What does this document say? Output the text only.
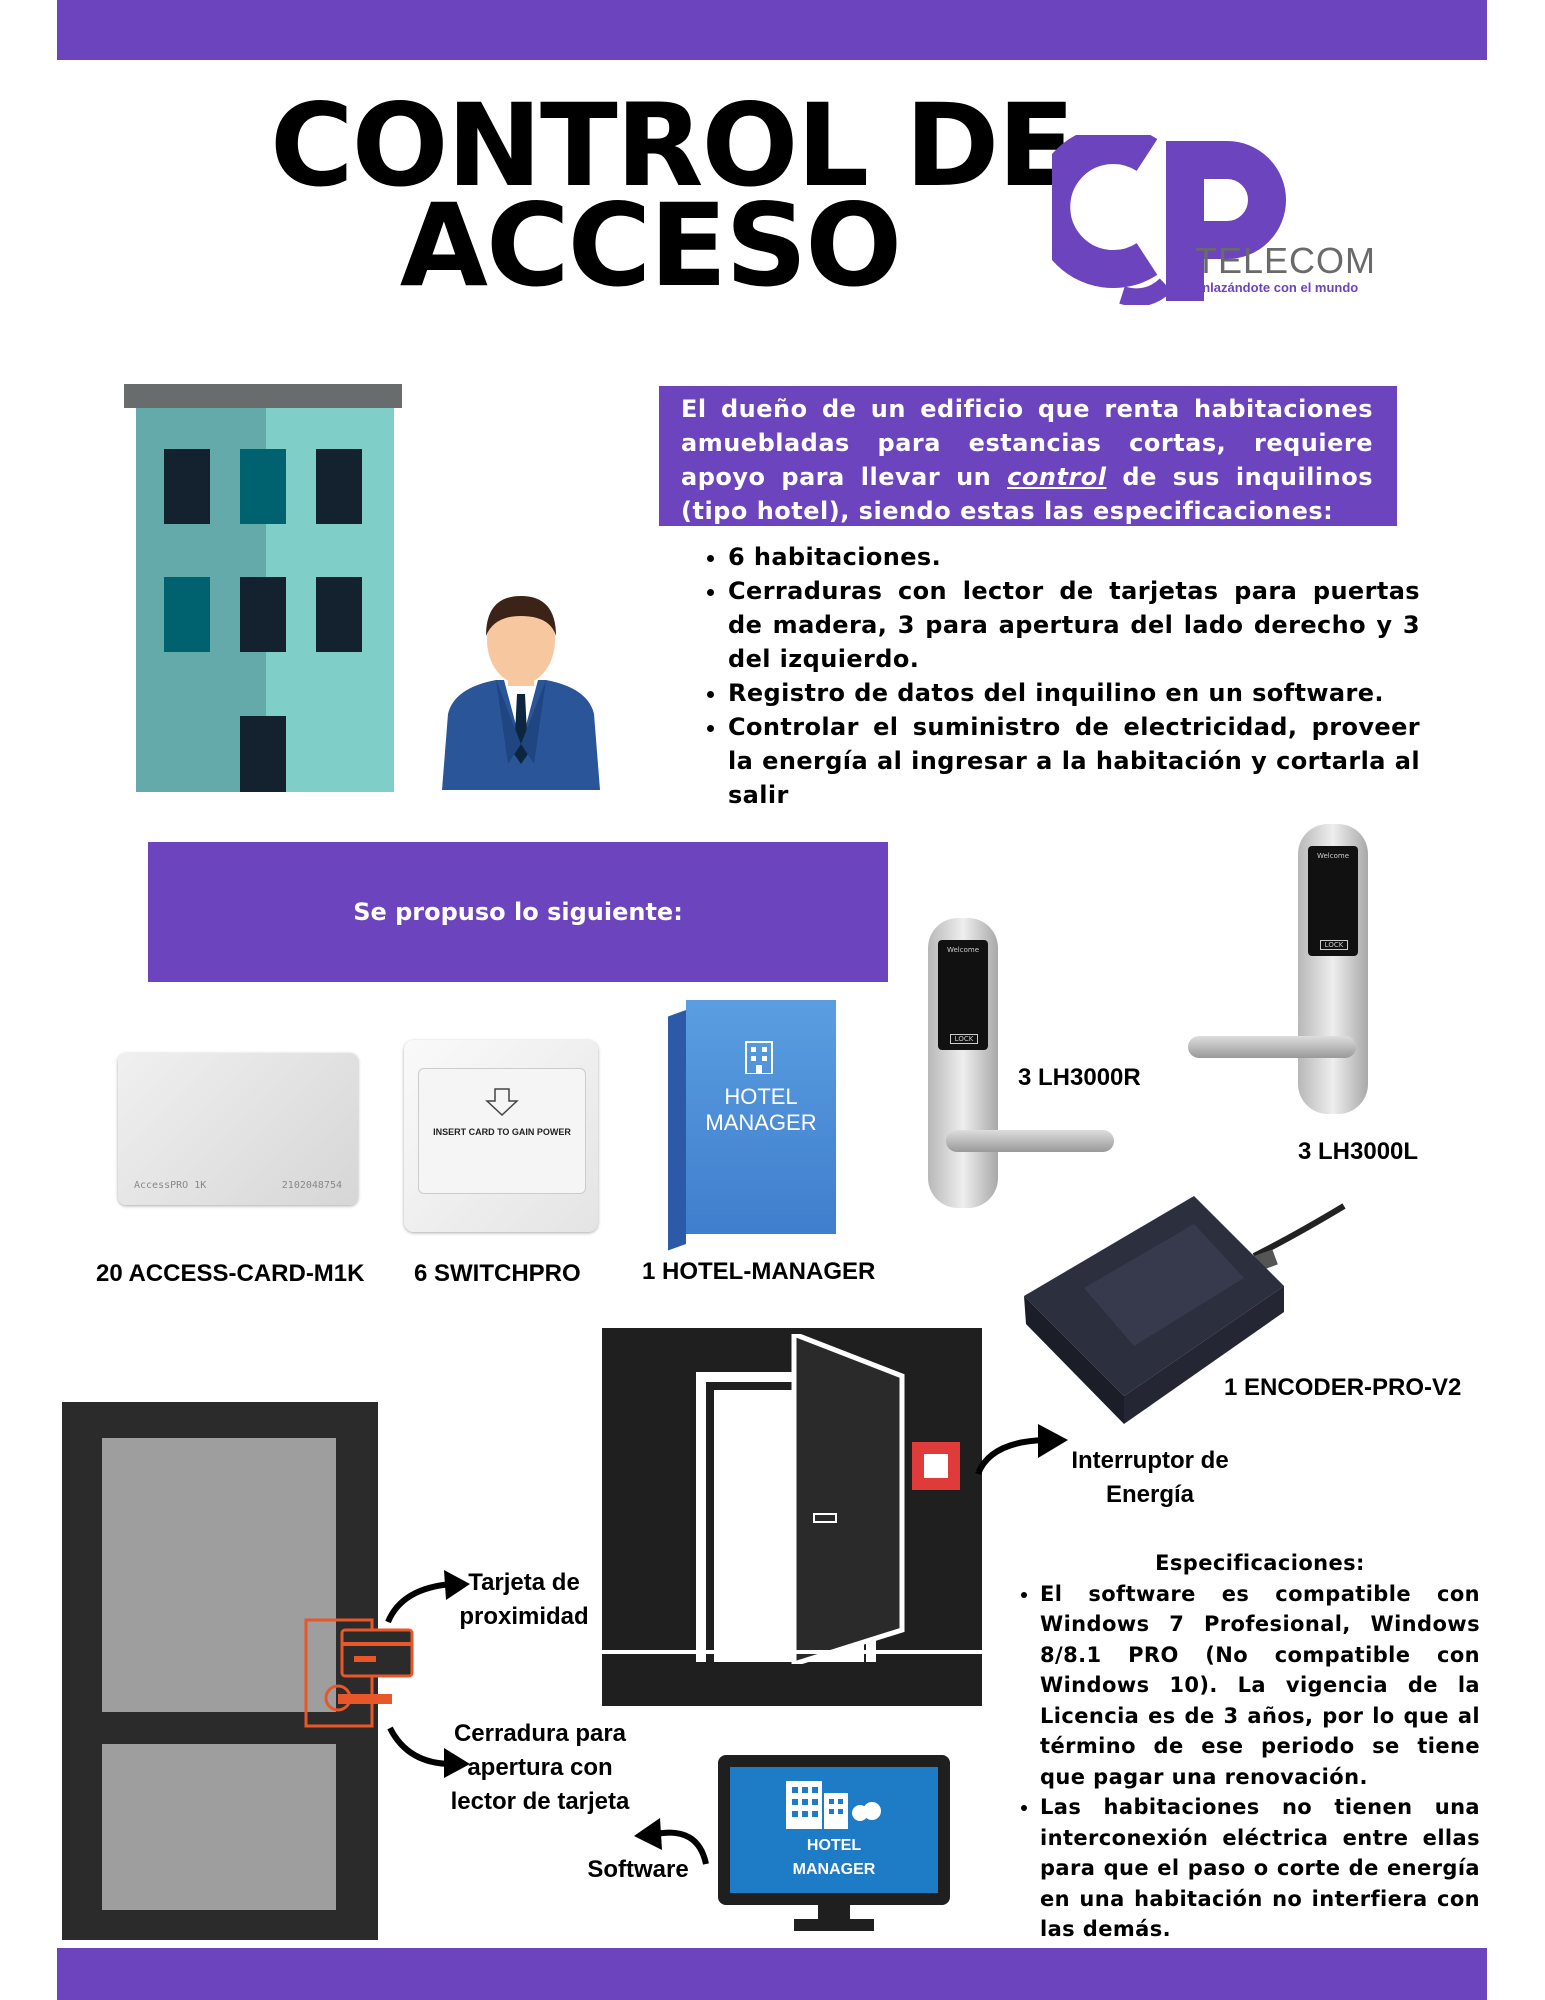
CONTROL DE
ACCESO	TELECOM
enlazándote con el mundo
El dueño de un edificio que renta habitaciones amuebladas para estancias cortas, requiere apoyo para llevar un control de sus inquilinos (tipo hotel), siendo estas las especificaciones:
• 6 habitaciones.
• Cerraduras con lector de tarjetas para puertas de madera, 3 para apertura del lado derecho y 3 del izquierdo.
• Registro de datos del inquilino en un software.
• Controlar el suministro de electricidad, proveer la energía al ingresar a la habitación y cortarla al salir
Se propuso lo siguiente:
AccessPRO 1K	2102048754
20 ACCESS-CARD-M1K
INSERT CARD TO GAIN POWER
6 SWITCHPRO
HOTEL
MANAGER
1 HOTEL-MANAGER
Welcome
LOCK
3 LH3000R
Welcome
LOCK
3 LH3000L
1 ENCODER-PRO-V2
Tarjeta de
proximidad
Cerradura para
apertura con
lector de tarjeta
Interruptor de
Energía
HOTEL
MANAGER
Software
Especificaciones:
• El software es compatible con Windows 7 Profesional, Windows 8/8.1 PRO (No compatible con Windows 10). La vigencia de la Licencia es de 3 años, por lo que al término de ese periodo se tiene que pagar una renovación.
• Las habitaciones no tienen una interconexión eléctrica entre ellas para que el paso o corte de energía en una habitación no interfiera con las demás.
